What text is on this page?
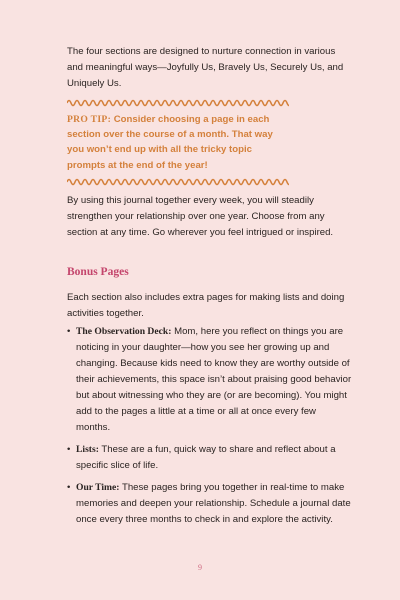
The four sections are designed to nurture connection in various and meaningful ways—Joyfully Us, Bravely Us, Securely Us, and Uniquely Us.

PRO TIP: Consider choosing a page in each section over the course of a month. That way you won’t end up with all the tricky topic prompts at the end of the year!

By using this journal together every week, you will steadily strengthen your relationship over one year. Choose from any section at any time. Go wherever you feel intrigued or inspired.

Bonus Pages

Each section also includes extra pages for making lists and doing activities together.

• The Observation Deck: Mom, here you reflect on things you are noticing in your daughter—how you see her growing up and changing. Because kids need to know they are worthy outside of their achievements, this space isn’t about praising good behavior but about witnessing who they are (or are becoming). You might add to the pages a little at a time or all at once every few months.
• Lists: These are a fun, quick way to share and reflect about a specific slice of life.
• Our Time: These pages bring you together in real-time to make memories and deepen your relationship. Schedule a journal date once every three months to check in and explore the activity.
9
